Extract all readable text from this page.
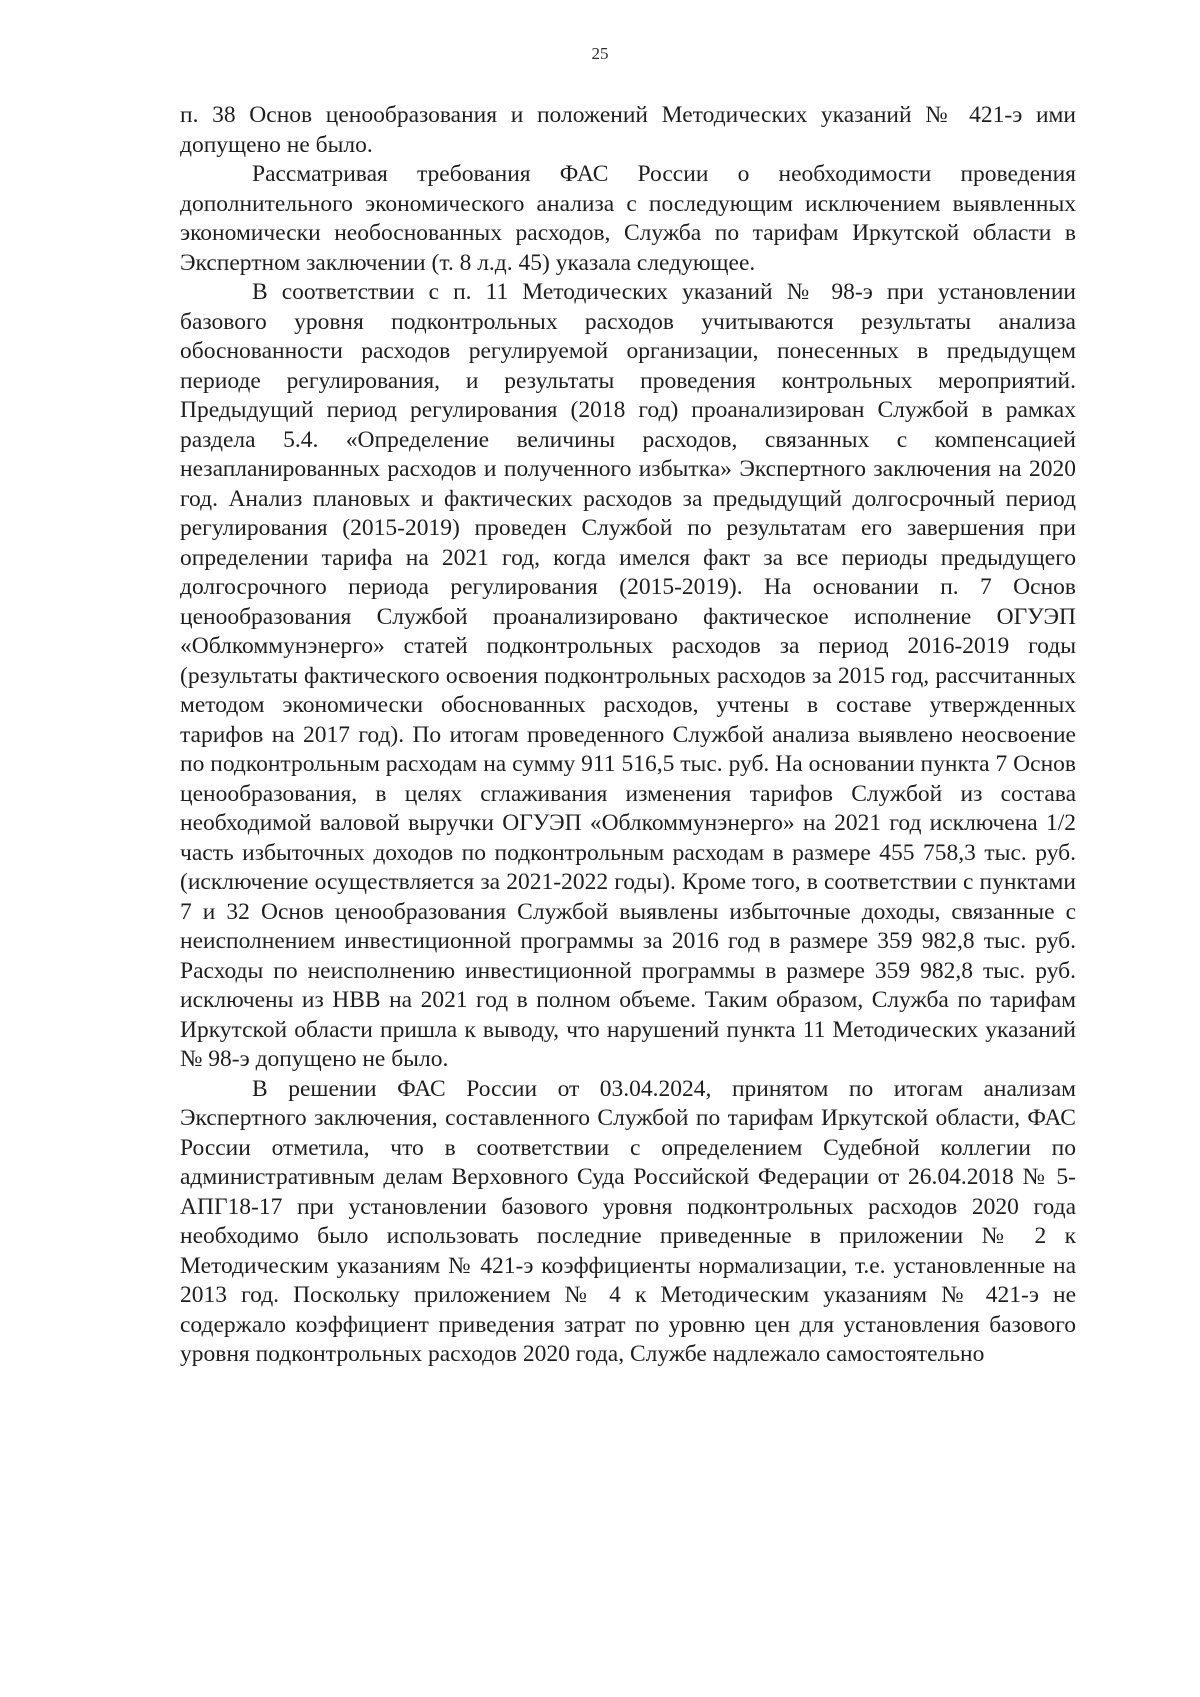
25

п. 38 Основ ценообразования и положений Методических указаний № 421-э ими допущено не было.

Рассматривая требования ФАС России о необходимости проведения дополнительного экономического анализа с последующим исключением выявленных экономически необоснованных расходов, Служба по тарифам Иркутской области в Экспертном заключении (т. 8 л.д. 45) указала следующее.

В соответствии с п. 11 Методических указаний № 98-э при установлении базового уровня подконтрольных расходов учитываются результаты анализа обоснованности расходов регулируемой организации, понесенных в предыдущем периоде регулирования, и результаты проведения контрольных мероприятий. Предыдущий период регулирования (2018 год) проанализирован Службой в рамках раздела 5.4. «Определение величины расходов, связанных с компенсацией незапланированных расходов и полученного избытка» Экспертного заключения на 2020 год. Анализ плановых и фактических расходов за предыдущий долгосрочный период регулирования (2015-2019) проведен Службой по результатам его завершения при определении тарифа на 2021 год, когда имелся факт за все периоды предыдущего долгосрочного периода регулирования (2015-2019). На основании п. 7 Основ ценообразования Службой проанализировано фактическое исполнение ОГУЭП «Облкоммунэнерго» статей подконтрольных расходов за период 2016-2019 годы (результаты фактического освоения подконтрольных расходов за 2015 год, рассчитанных методом экономически обоснованных расходов, учтены в составе утвержденных тарифов на 2017 год). По итогам проведенного Службой анализа выявлено неосвоение по подконтрольным расходам на сумму 911 516,5 тыс. руб. На основании пункта 7 Основ ценообразования, в целях сглаживания изменения тарифов Службой из состава необходимой валовой выручки ОГУЭП «Облкоммунэнерго» на 2021 год исключена 1/2 часть избыточных доходов по подконтрольным расходам в размере 455 758,3 тыс. руб. (исключение осуществляется за 2021-2022 годы). Кроме того, в соответствии с пунктами 7 и 32 Основ ценообразования Службой выявлены избыточные доходы, связанные с неисполнением инвестиционной программы за 2016 год в размере 359 982,8 тыс. руб. Расходы по неисполнению инвестиционной программы в размере 359 982,8 тыс. руб. исключены из НВВ на 2021 год в полном объеме. Таким образом, Служба по тарифам Иркутской области пришла к выводу, что нарушений пункта 11 Методических указаний № 98-э допущено не было.

В решении ФАС России от 03.04.2024, принятом по итогам анализам Экспертного заключения, составленного Службой по тарифам Иркутской области, ФАС России отметила, что в соответствии с определением Судебной коллегии по административным делам Верховного Суда Российской Федерации от 26.04.2018 № 5-АПГ18-17 при установлении базового уровня подконтрольных расходов 2020 года необходимо было использовать последние приведенные в приложении № 2 к Методическим указаниям № 421-э коэффициенты нормализации, т.е. установленные на 2013 год. Поскольку приложением № 4 к Методическим указаниям № 421-э не содержало коэффициент приведения затрат по уровню цен для установления базового уровня подконтрольных расходов 2020 года, Службе надлежало самостоятельно
